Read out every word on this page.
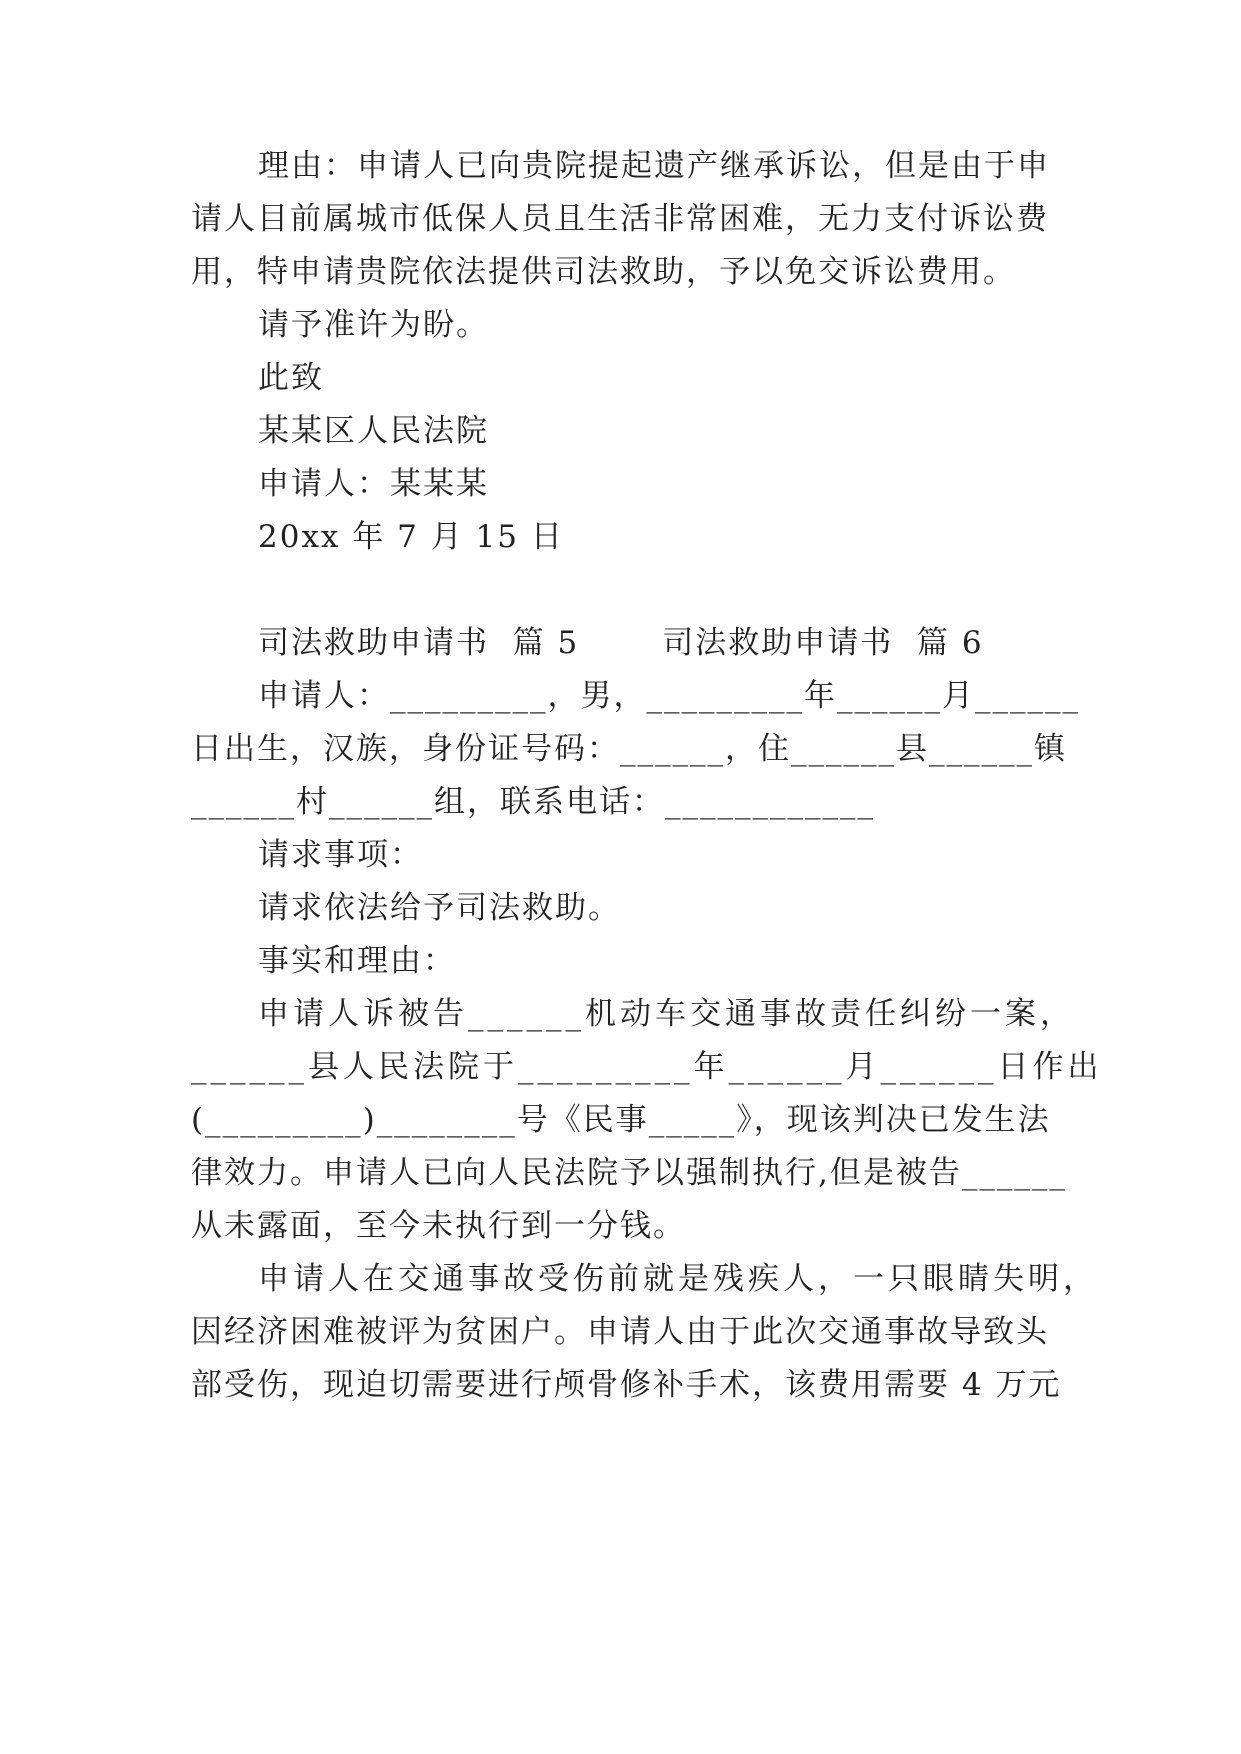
理由：申请人已向贵院提起遗产继承诉讼，但是由于申
请人目前属城市低保人员且生活非常困难，无力支付诉讼费
用，特申请贵院依法提供司法救助，予以免交诉讼费用。
请予准许为盼。
此致
某某区人民法院
申请人：某某某
20xx 年 7 月 15 日
司法救助申请书  篇 5       司法救助申请书  篇 6
申请人：_________，男，_________年______月______
日出生，汉族，身份证号码：______，住______县______镇
______村______组，联系电话：____________
请求事项：
请求依法给予司法救助。
事实和理由：
申请人诉被告______机动车交通事故责任纠纷一案，
______县人民法院于_________年______月______日作出
(_________)________号《民事_____》，现该判决已发生法
律效力。申请人已向人民法院予以强制执行,但是被告______
从未露面，至今未执行到一分钱。
申请人在交通事故受伤前就是残疾人，一只眼睛失明，
因经济困难被评为贫困户。申请人由于此次交通事故导致头
部受伤，现迫切需要进行颅骨修补手术，该费用需要 4 万元
